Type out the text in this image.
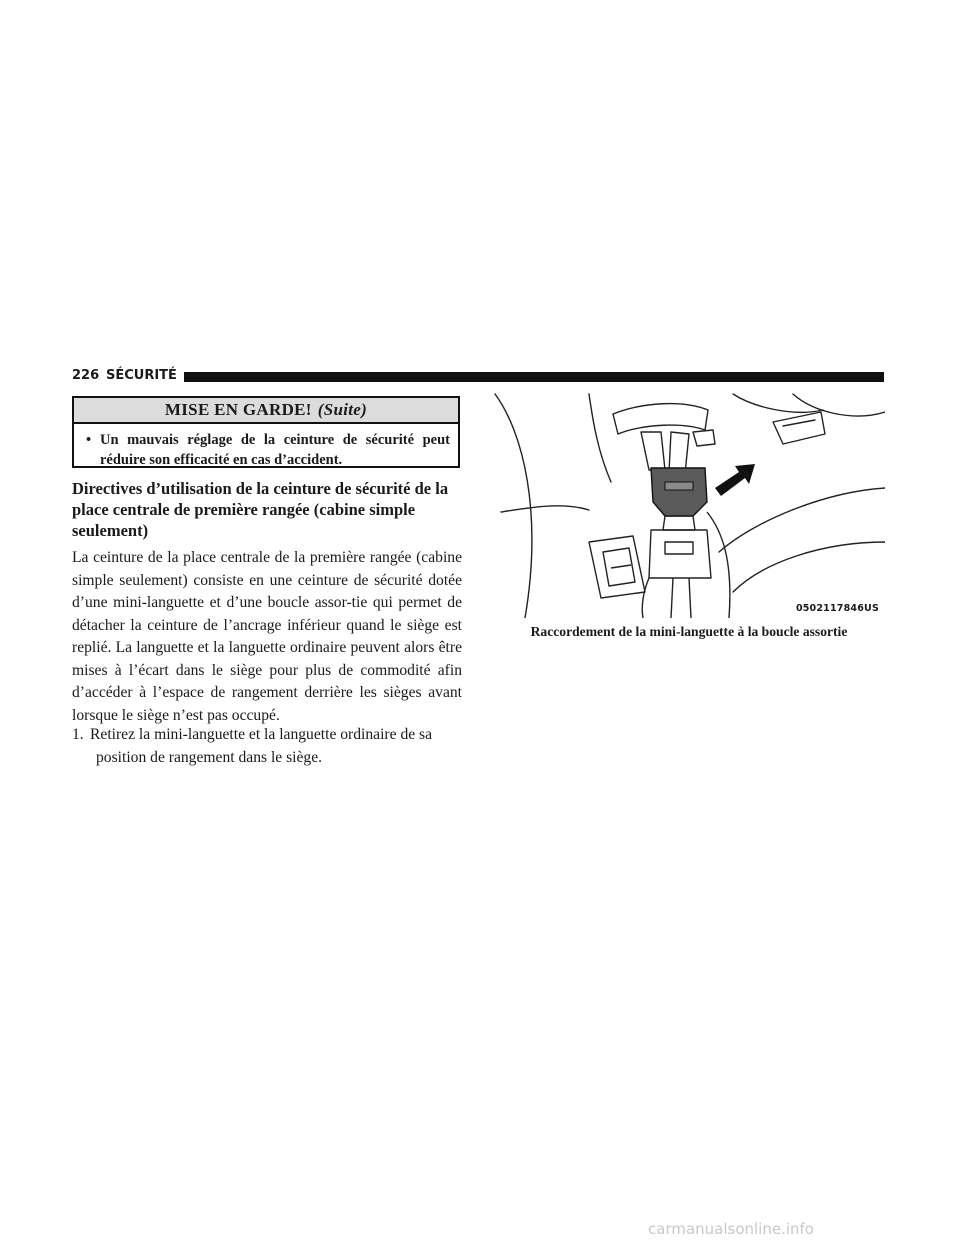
226 SÉCURITÉ
MISE EN GARDE! (Suite)
• Un mauvais réglage de la ceinture de sécurité peut réduire son efficacité en cas d’accident.
Directives d’utilisation de la ceinture de sécurité de la place centrale de première rangée (cabine simple seulement)
La ceinture de la place centrale de la première rangée (cabine simple seulement) consiste en une ceinture de sécurité dotée d’une mini-languette et d’une boucle assor-tie qui permet de détacher la ceinture de l’ancrage inférieur quand le siège est replié. La languette et la languette ordinaire peuvent alors être mises à l’écart dans le siège pour plus de commodité afin d’accéder à l’espace de rangement derrière les sièges avant lorsque le siège n’est pas occupé.
1. Retirez la mini-languette et la languette ordinaire de sa
position de rangement dans le siège.
0502117846US
Raccordement de la mini-languette à la boucle assortie
carmanualsonline.info
